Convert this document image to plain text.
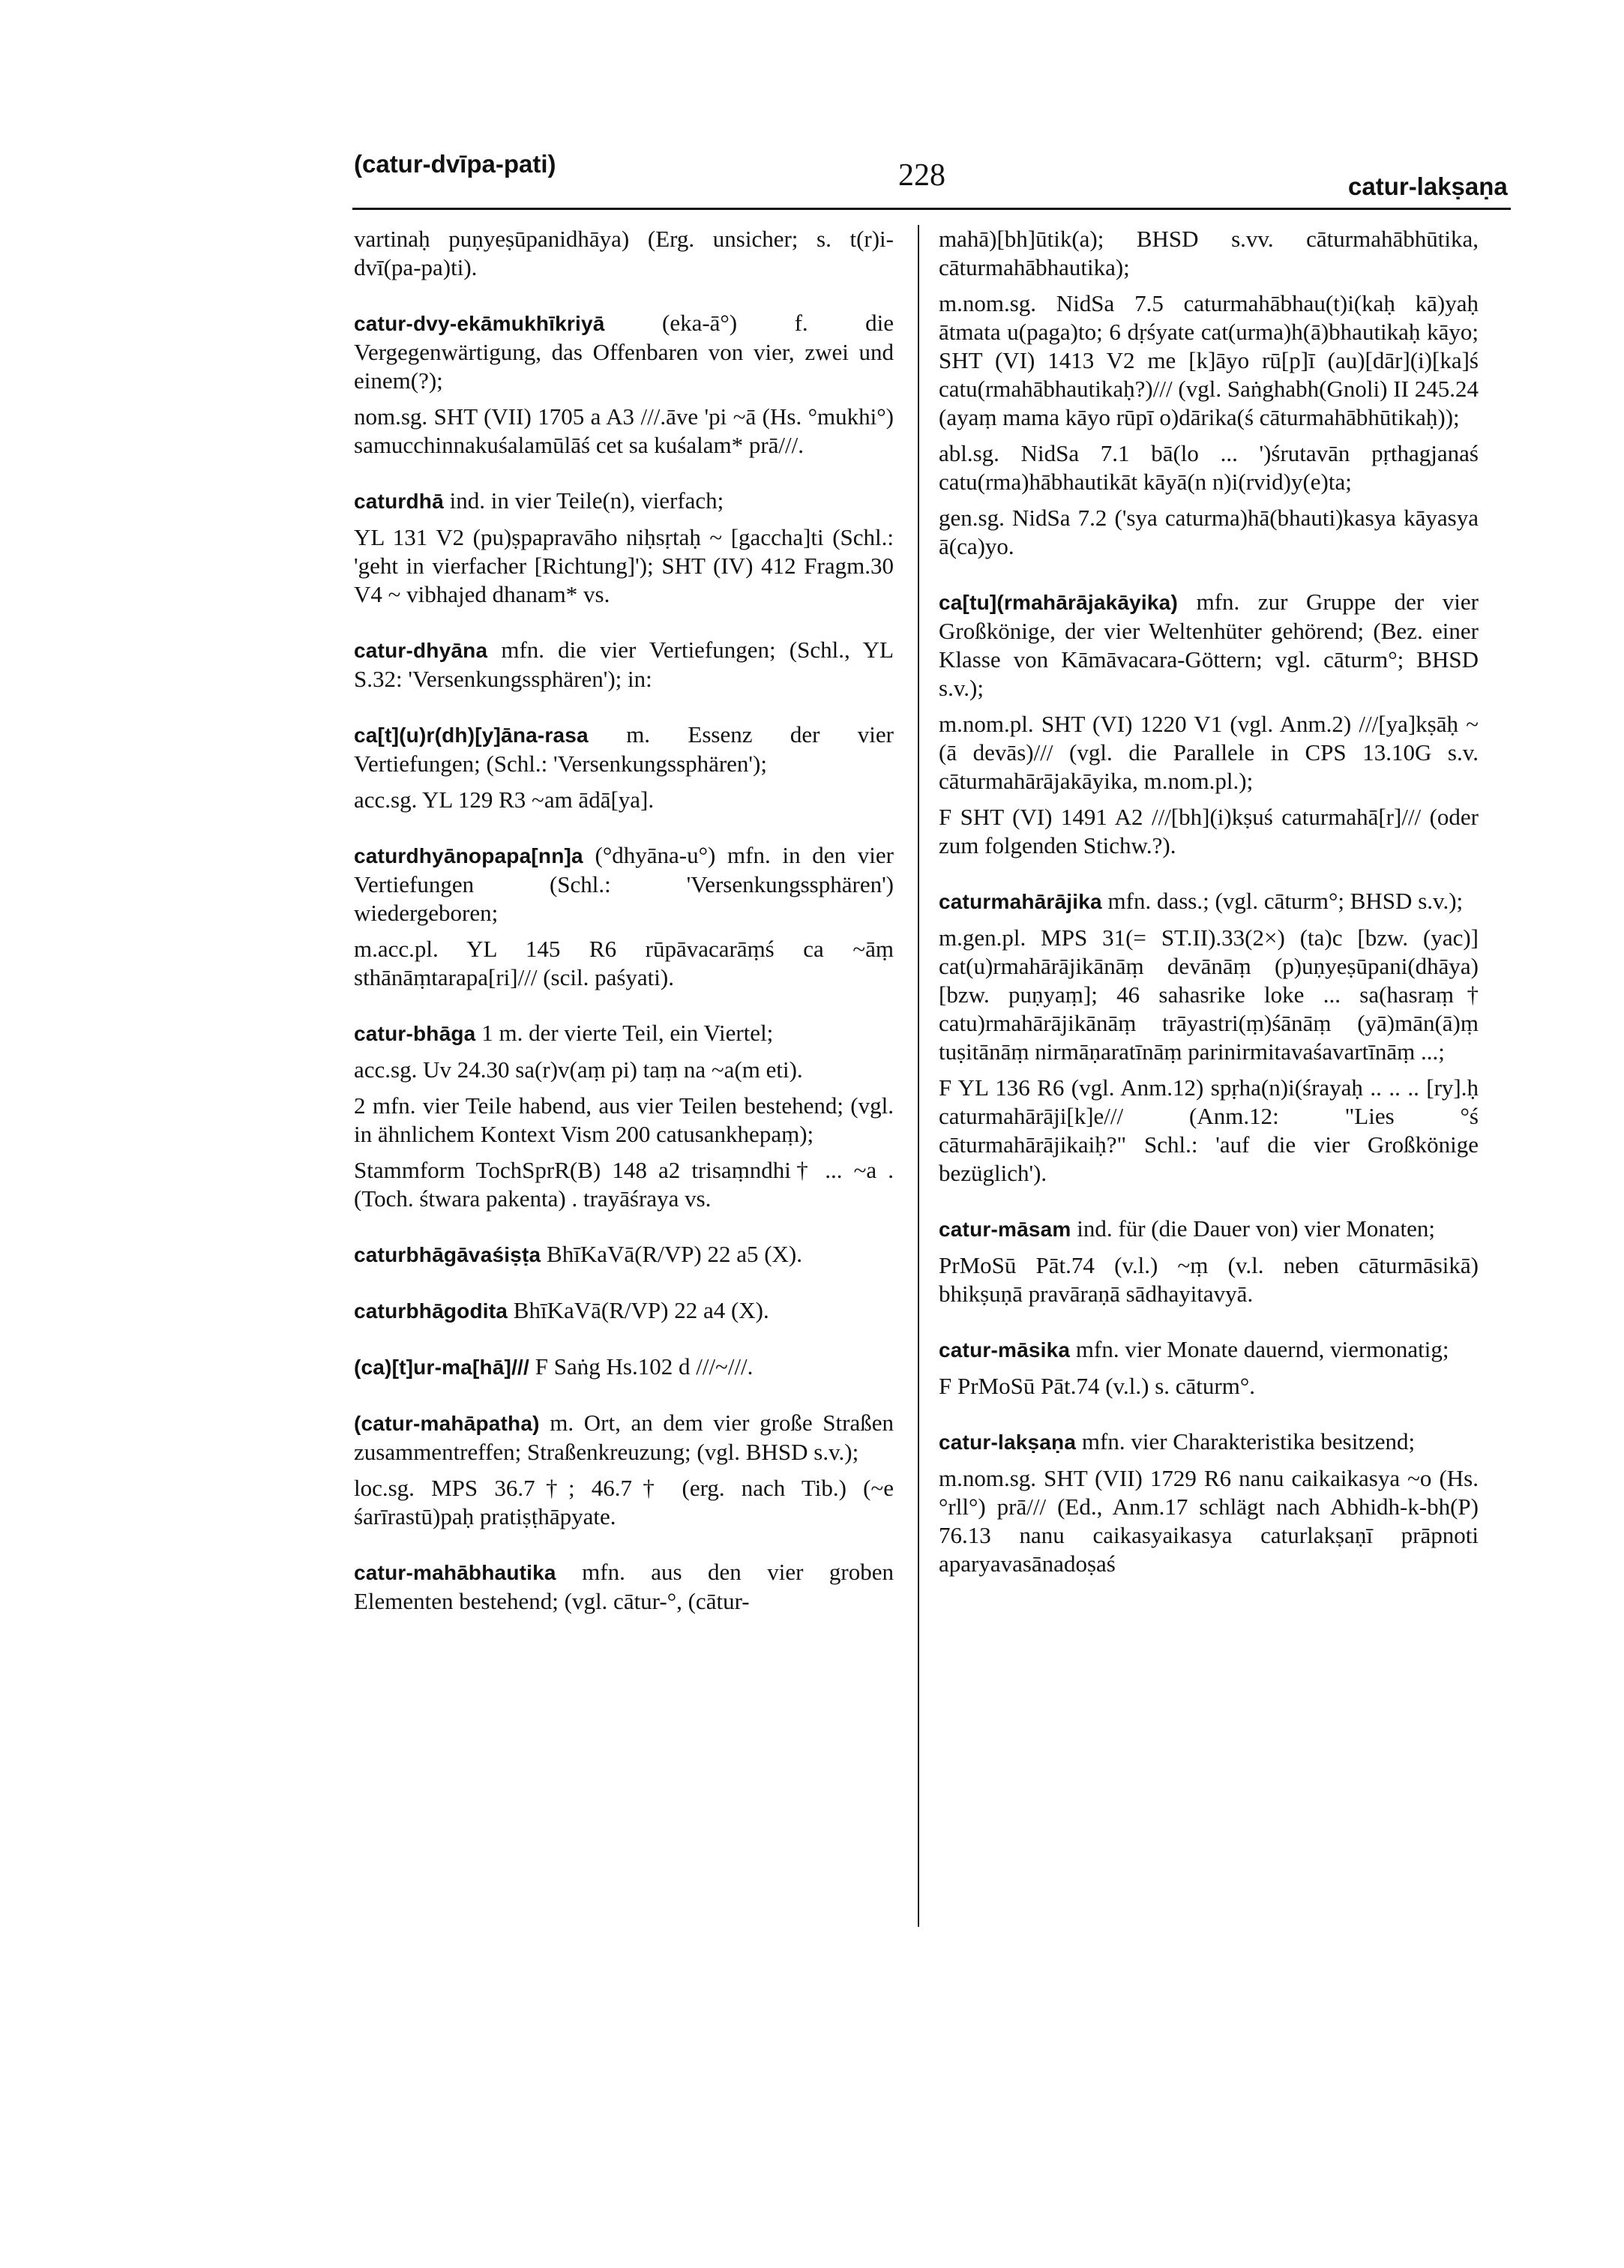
(catur-dvīpa-pati)	228	catur-lakṣaṇa

vartinaḥ puṇyeṣūpanidhāya) (Erg. unsicher; s. t(r)i-dvī(pa-pa)ti).

catur-dvy-ekāmukhīkriyā (eka-ā°) f. die Vergegenwärtigung, das Offenbaren von vier, zwei und einem(?);

nom.sg. SHT (VII) 1705 a A3 ///.āve 'pi ~ā (Hs. °mukhi°) samucchinnakuśalamūlāś cet sa kuśalam* prā///.

caturdhā ind. in vier Teile(n), vierfach;

YL 131 V2 (pu)ṣpapravāho niḥsṛtaḥ ~ [gaccha]ti (Schl.: 'geht in vierfacher [Richtung]'); SHT (IV) 412 Fragm.30 V4 ~ vibhajed dhanam* vs.

catur-dhyāna mfn. die vier Vertiefungen; (Schl., YL S.32: 'Versenkungssphären'); in:

ca[t](u)r(dh)[y]āna-rasa m. Essenz der vier Vertiefungen; (Schl.: 'Versenkungssphären');

acc.sg. YL 129 R3 ~am ādā[ya].

caturdhyānopapa[nn]a (°dhyāna-u°) mfn. in den vier Vertiefungen (Schl.: 'Versenkungssphären') wiedergeboren;

m.acc.pl. YL 145 R6 rūpāvacarāṃś ca ~āṃ sthānāṃtarapa[ri]/// (scil. paśyati).

catur-bhāga 1 m. der vierte Teil, ein Viertel;

acc.sg. Uv 24.30 sa(r)v(aṃ pi) taṃ na ~a(m eti).

2 mfn. vier Teile habend, aus vier Teilen bestehend; (vgl. in ähnlichem Kontext Vism 200 catusankhepaṃ);

Stammform TochSprR(B) 148 a2 trisaṃndhi† ... ~a . (Toch. śtwara pakenta) . trayāśraya vs.

caturbhāgāvaśiṣṭa BhīKaVā(R/VP) 22 a5 (X).

caturbhāgodita BhīKaVā(R/VP) 22 a4 (X).

(ca)[t]ur-ma[hā]/// F Saṅg Hs.102 d ///~///.

(catur-mahāpatha) m. Ort, an dem vier große Straßen zusammentreffen; Straßenkreuzung; (vgl. BHSD s.v.);

loc.sg. MPS 36.7†; 46.7† (erg. nach Tib.) (~e śarīrastū)paḥ pratiṣṭhāpyate.

catur-mahābhautika mfn. aus den vier groben Elementen bestehend; (vgl. cātur-°, (cātur-

mahā)[bh]ūtik(a); BHSD s.vv. cāturmahābhūtika, cāturmahābhautika);

m.nom.sg. NidSa 7.5 caturmahābhau(t)i(kaḥ kā)yaḥ ātmata u(paga)to; 6 dṛśyate cat(urma)h(ā)bhautikaḥ kāyo; SHT (VI) 1413 V2 me [k]āyo rū[p]ī (au)[dār](i)[ka]ś catu(rmahābhautikaḥ?)/// (vgl. Saṅghabh(Gnoli) II 245.24 (ayaṃ mama kāyo rūpī o)dārika(ś cāturmahābhūtikaḥ));

abl.sg. NidSa 7.1 bā(lo ... ')śrutavān pṛthagjanaś catu(rma)hābhautikāt kāyā(n n)i(rvid)y(e)ta;

gen.sg. NidSa 7.2 ('sya caturma)hā(bhauti)kasya kāyasya ā(ca)yo.

ca[tu](rmahārājakāyika) mfn. zur Gruppe der vier Großkönige, der vier Weltenhüter gehörend; (Bez. einer Klasse von Kāmāvacara-Göttern; vgl. cāturm°; BHSD s.v.);

m.nom.pl. SHT (VI) 1220 V1 (vgl. Anm.2) ///[ya]kṣāḥ ~(ā devās)/// (vgl. die Parallele in CPS 13.10G s.v. cāturmahārājakāyika, m.nom.pl.);

F SHT (VI) 1491 A2 ///[bh](i)kṣuś caturmahā[r]/// (oder zum folgenden Stichw.?).

caturmahārājika mfn. dass.; (vgl. cāturm°; BHSD s.v.);

m.gen.pl. MPS 31(= ST.II).33(2×) (ta)c [bzw. (yac)] cat(u)rmahārājikānāṃ devānāṃ (p)uṇyeṣūpani(dhāya) [bzw. puṇyaṃ]; 46 sahasrike loke ... sa(hasraṃ† catu)rmahārājikānāṃ trāyastri(ṃ)śānāṃ (yā)mān(ā)ṃ tuṣitānāṃ nirmāṇaratīnāṃ parinirmitavaśavartīnāṃ ...;

F YL 136 R6 (vgl. Anm.12) spṛha(n)i(śrayaḥ .. .. .. [ry].ḥ caturmahārāji[k]e/// (Anm.12: "Lies °ś cāturmahārājikaiḥ?" Schl.: 'auf die vier Großkönige bezüglich').

catur-māsam ind. für (die Dauer von) vier Monaten;

PrMoSū Pāt.74 (v.l.) ~ṃ (v.l. neben cāturmāsikā) bhikṣuṇā pravāraṇā sādhayitavyā.

catur-māsika mfn. vier Monate dauernd, viermonatig;

F PrMoSū Pāt.74 (v.l.) s. cāturm°.

catur-lakṣaṇa mfn. vier Charakteristika besitzend;

m.nom.sg. SHT (VII) 1729 R6 nanu caikaikasya ~o (Hs. °rll°) prā/// (Ed., Anm.17 schlägt nach Abhidh-k-bh(P) 76.13 nanu caikasyaikasya caturlakṣaṇī prāpnoti aparyavasānadoṣaś
